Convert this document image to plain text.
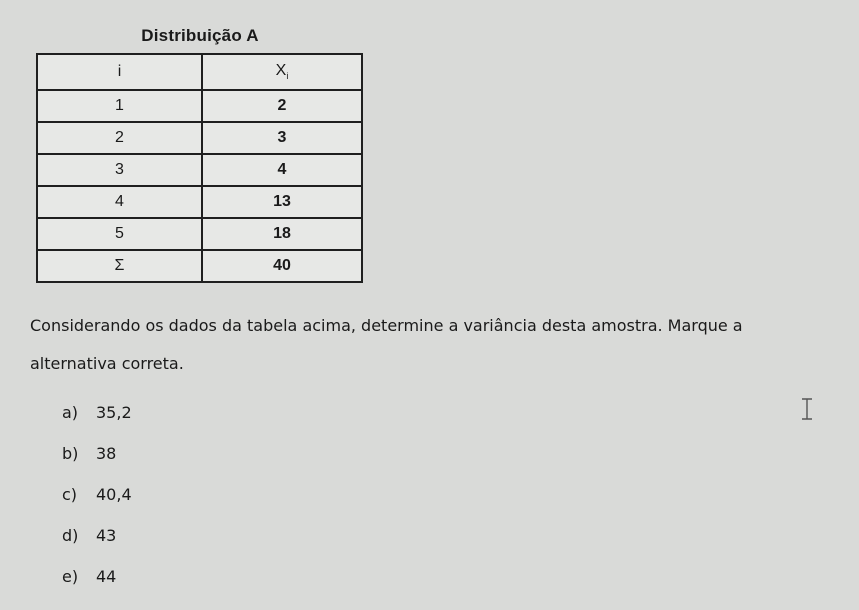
Distribuição A
i	$X_i$
1	2
2	3
3	4
4	13
5	18
Σ	40
Considerando os dados da tabela acima, determine a variância desta amostra. Marque a alternativa correta.
a) 35,2
b) 38
c) 40,4
d) 43
e) 44
